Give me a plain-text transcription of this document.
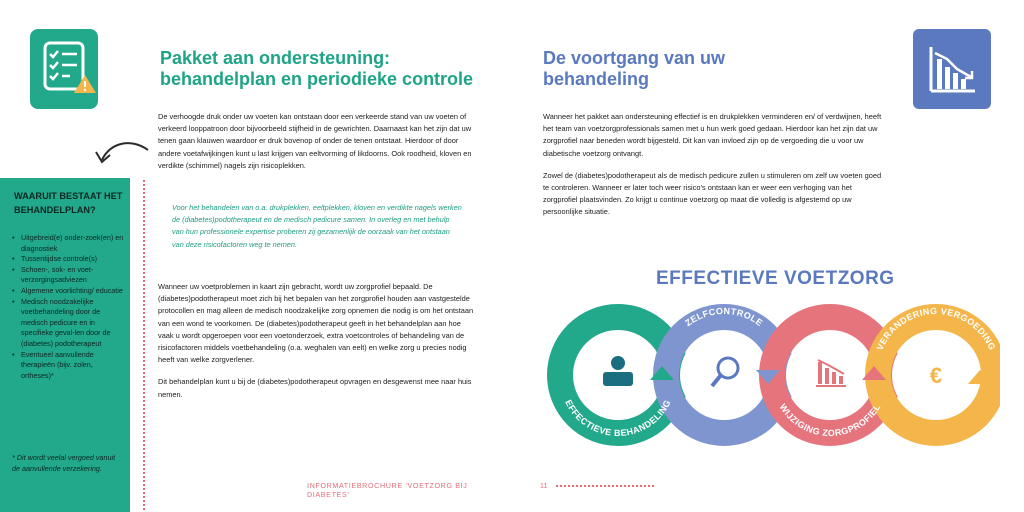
Pakket aan ondersteuning:
behandelplan en periodieke controle

De verhoogde druk onder uw voeten kan ontstaan door een verkeerde stand van uw voeten of verkeerd looppatroon door bijvoorbeeld stijfheid in de gewrichten. Daarnaast kan het zijn dat uw tenen gaan klauwen waardoor er druk bovenop of onder de tenen ontstaat. Hierdoor of door andere voetafwijkingen kunt u last krijgen van eeltvorming of likdoorns. Ook roodheid, kloven en verdikte (schimmel) nagels zijn risicoplekken.

Voor het behandelen van o.a. drukplekken, eeltplekken, kloven en verdikte nagels werken de (diabetes)podotherapeut en de medisch pedicure samen. In overleg en met behulp van hun professionele expertise proberen zij gezamenlijk de oorzaak van het ontstaan van deze risicofactoren weg te nemen.

Wanneer uw voetproblemen in kaart zijn gebracht, wordt uw zorgprofiel bepaald. De (diabetes)podotherapeut moet zich bij het bepalen van het zorgprofiel houden aan vastgestelde protocollen en mag alleen de medisch noodzakelijke zorg opnemen die nodig is om het ontstaan van een wond te voorkomen. De (diabetes)podotherapeut geeft in het behandelplan aan hoe vaak u wordt opgeroepen voor een voetonderzoek, extra voetcontroles of behandeling van de risicofactoren middels voetbehandeling (o.a. weghalen van eelt) en welke zorg u precies nodig heeft van welke zorgverlener.

Dit behandelplan kunt u bij de (diabetes)podotherapeut opvragen en desgewenst mee naar huis nemen.

WAARUIT BESTAAT HET
BEHANDELPLAN?
• Uitgebreid(e) onder-zoek(en) en diagnostiek
• Tussentijdse controle(s)
• Schoen-, sok- en voet-verzorgingsadviezen
• Algemene voorlichting/ educatie
• Medisch noodzakelijke voetbehandeling door de medisch pedicure en in specifieke geval-len door de (diabetes) podotherapeut
• Eventueel aanvullende therapieën (bijv. zolen, ortheses)*
* Dit wordt veelal vergoed vanuit de aanvullende verzekering.
INFORMATIEBROCHURE ‘VOETZORG BIJ DIABETES’
De voortgang van uw
behandeling

Wanneer het pakket aan ondersteuning effectief is en drukplekken verminderen en/ of verdwijnen, heeft het team van voetzorgprofessionals samen met u hun werk goed gedaan. Hierdoor kan het zijn dat uw zorgprofiel naar beneden wordt bijgesteld. Dit kan van invloed zijn op de vergoeding die u voor uw diabetische voetzorg ontvangt.

Zowel de (diabetes)podotherapeut als de medisch pedicure zullen u stimuleren om zelf uw voeten goed te controleren. Wanneer er later toch weer risico’s ontstaan kan er weer een verhoging van het zorgprofiel plaatsvinden. Zo krijgt u continue voetzorg op maat die volledig is afgestemd op uw persoonlijke situatie.

EFFECTIEVE VOETZORG
€
EFFECTIEVE BEHANDELING
ZELFCONTROLE
WIJZIGING ZORGPROFIEL
VERANDERING VERGOEDING
11
